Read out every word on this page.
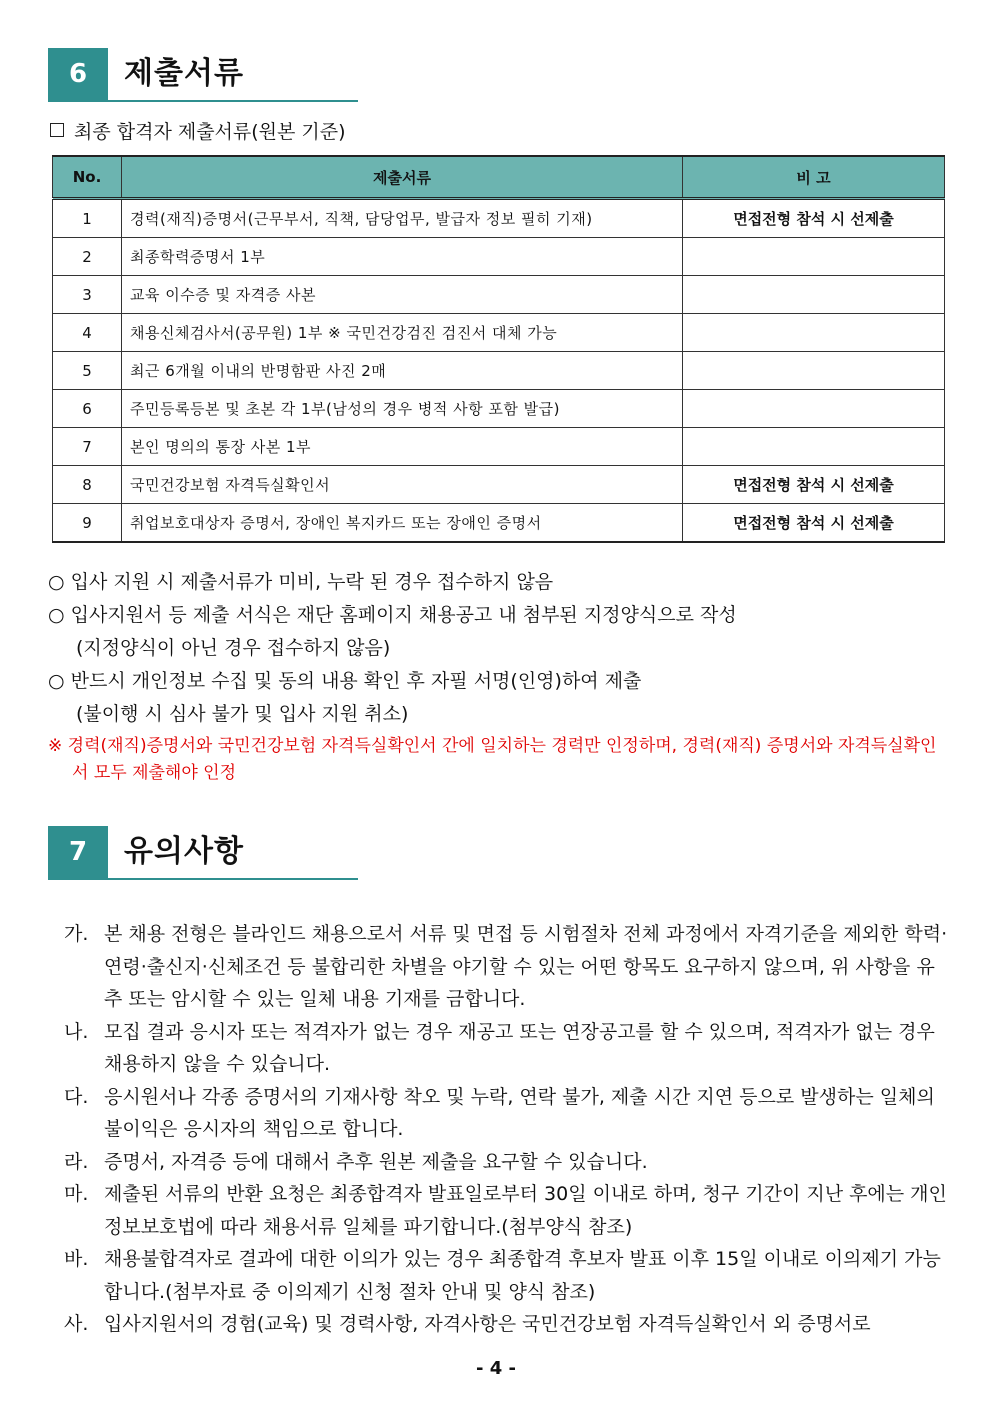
6	제출서류
최종 합격자 제출서류(원본 기준)
No.	제출서류	비 고
1	경력(재직)증명서(근무부서, 직책, 담당업무, 발급자 정보 필히 기재)	면접전형 참석 시 선제출
2	최종학력증명서 1부	
3	교육 이수증 및 자격증 사본	
4	채용신체검사서(공무원) 1부 ※ 국민건강검진 검진서 대체 가능	
5	최근 6개월 이내의 반명함판 사진 2매	
6	주민등록등본 및 초본 각 1부(남성의 경우 병적 사항 포함 발급)	
7	본인 명의의 통장 사본 1부	
8	국민건강보험 자격득실확인서	면접전형 참석 시 선제출
9	취업보호대상자 증명서, 장애인 복지카드 또는 장애인 증명서	면접전형 참석 시 선제출
○ 입사 지원 시 제출서류가 미비, 누락 된 경우 접수하지 않음
○ 입사지원서 등 제출 서식은 재단 홈페이지 채용공고 내 첨부된 지정양식으로 작성
(지정양식이 아닌 경우 접수하지 않음)
○ 반드시 개인정보 수집 및 동의 내용 확인 후 자필 서명(인영)하여 제출
(불이행 시 심사 불가 및 입사 지원 취소)
※ 경력(재직)증명서와 국민건강보험 자격득실확인서 간에 일치하는 경력만 인정하며, 경력(재직) 증명서와 자격득실확인서 모두 제출해야 인정
7	유의사항
가. 본 채용 전형은 블라인드 채용으로서 서류 및 면접 등 시험절차 전체 과정에서 자격기준을 제외한 학력·연령·출신지·신체조건 등 불합리한 차별을 야기할 수 있는 어떤 항목도 요구하지 않으며, 위 사항을 유추 또는 암시할 수 있는 일체 내용 기재를 금합니다.
나. 모집 결과 응시자 또는 적격자가 없는 경우 재공고 또는 연장공고를 할 수 있으며, 적격자가 없는 경우 채용하지 않을 수 있습니다.
다. 응시원서나 각종 증명서의 기재사항 착오 및 누락, 연락 불가, 제출 시간 지연 등으로 발생하는 일체의 불이익은 응시자의 책임으로 합니다.
라. 증명서, 자격증 등에 대해서 추후 원본 제출을 요구할 수 있습니다.
마. 제출된 서류의 반환 요청은 최종합격자 발표일로부터 30일 이내로 하며, 청구 기간이 지난 후에는 개인정보보호법에 따라 채용서류 일체를 파기합니다.(첨부양식 참조)
바. 채용불합격자로 결과에 대한 이의가 있는 경우 최종합격 후보자 발표 이후 15일 이내로 이의제기 가능합니다.(첨부자료 중 이의제기 신청 절차 안내 및 양식 참조)
사. 입사지원서의 경험(교육) 및 경력사항, 자격사항은 국민건강보험 자격득실확인서 외 증명서로
- 4 -
